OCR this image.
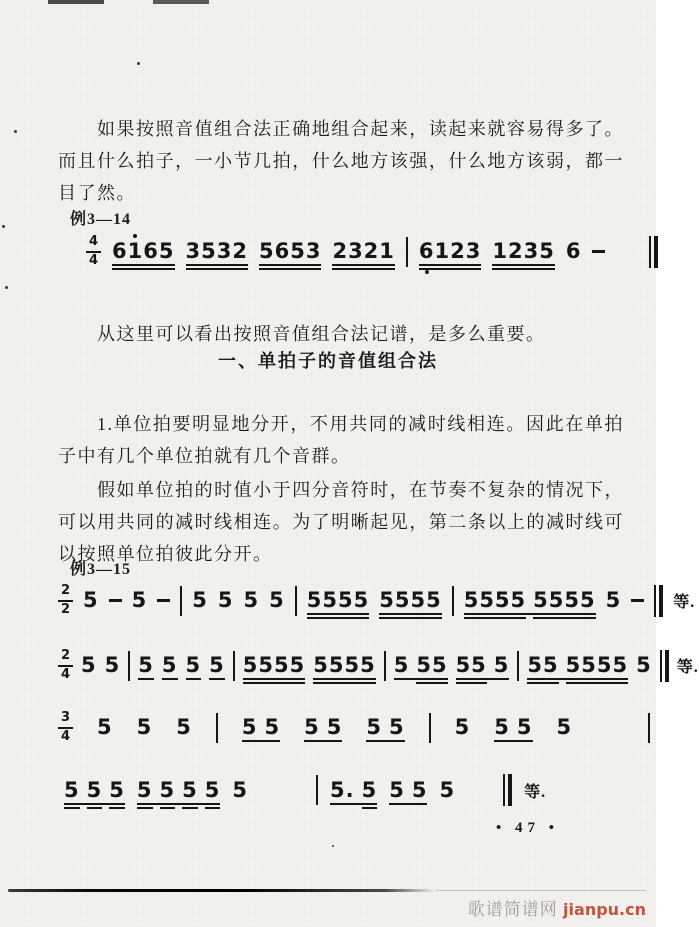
如果按照音值组合法正确地组合起来，读起来就容易得多了。而且什么拍子，一小节几拍，什么地方该强，什么地方该弱，都一目了然。

例3—14
4
4 61
65 3532 5653 2321 6
123 1235 6

从这里可以看出按照音值组合法记谱，是多么重要。

一、单拍子的音值组合法

1.单位拍要明显地分开，不用共同的减时线相连。因此在单拍子中有几个单位拍就有几个音群。

假如单位拍的时值小于四分音符时，在节奏不复杂的情况下，可以用共同的减时线相连。为了明晰起见，第二条以上的减时线可以按照单位拍彼此分开。

例3—15
2
2 5 5 5 5 5 5 5555 5555 5555 5555 5	等.
2
4 5 5 5 5 5 5 5555 5555 5 55 55 5 55 5555 5 等.
3
4 5 5 5 5 5 5 5 5 5 5 5 5 5
5 5 5 5 5 5 5 5	5. 5 5 5 5	等.
• 47 •
歌谱简谱网 jianpu.cn
